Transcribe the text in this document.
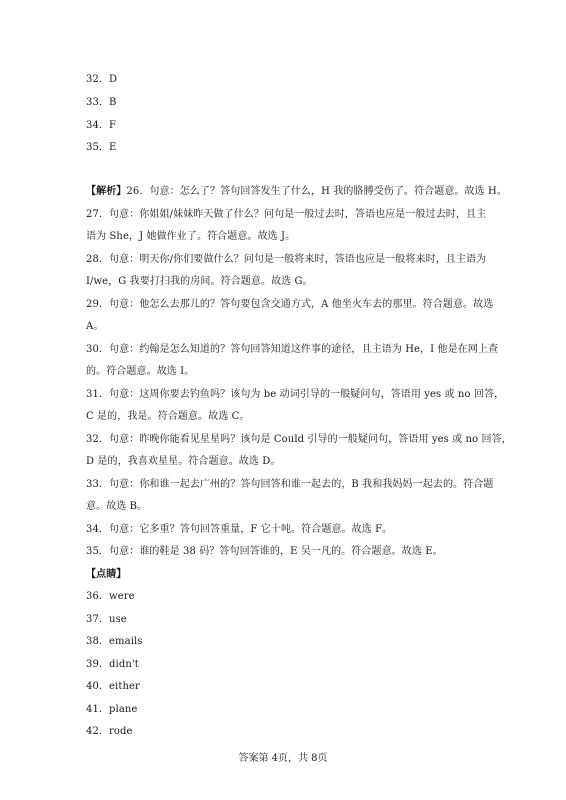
32．D
33．B
34．F
35．E
【解析】26．句意：怎么了？答句回答发生了什么，H 我的胳膊受伤了。符合题意。故选 H。
27．句意：你姐姐/妹妹昨天做了什么？问句是一般过去时，答语也应是一般过去时，且主
语为 She，J 她做作业了。符合题意。故选 J。
28．句意：明天你/你们要做什么？问句是一般将来时，答语也应是一般将来时，且主语为
I/we，G 我要打扫我的房间。符合题意。故选 G。
29．句意：他怎么去那儿的？答句要包含交通方式，A 他坐火车去的那里。符合题意。故选
A。
30．句意：约翰是怎么知道的？答句回答知道这件事的途径，且主语为 He，I 他是在网上查
的。符合题意。故选 I。
31．句意：这周你要去钓鱼吗？该句为 be 动词引导的一般疑问句，答语用 yes 或 no 回答，
C 是的，我是。符合题意。故选 C。
32．句意：昨晚你能看见星星吗？该句是 Could 引导的一般疑问句，答语用 yes 或 no 回答，
D 是的，我喜欢星星。符合题意。故选 D。
33．句意：你和谁一起去广州的？答句回答和谁一起去的，B 我和我妈妈一起去的。符合题
意。故选 B。
34．句意：它多重？答句回答重量，F 它十吨。符合题意。故选 F。
35．句意：谁的鞋是 38 码？答句回答谁的，E 吴一凡的。符合题意。故选 E。
【点睛】
36．were
37．use
38．emails
39．didn't
40．either
41．plane
42．rode
答案第 4页，共 8页
